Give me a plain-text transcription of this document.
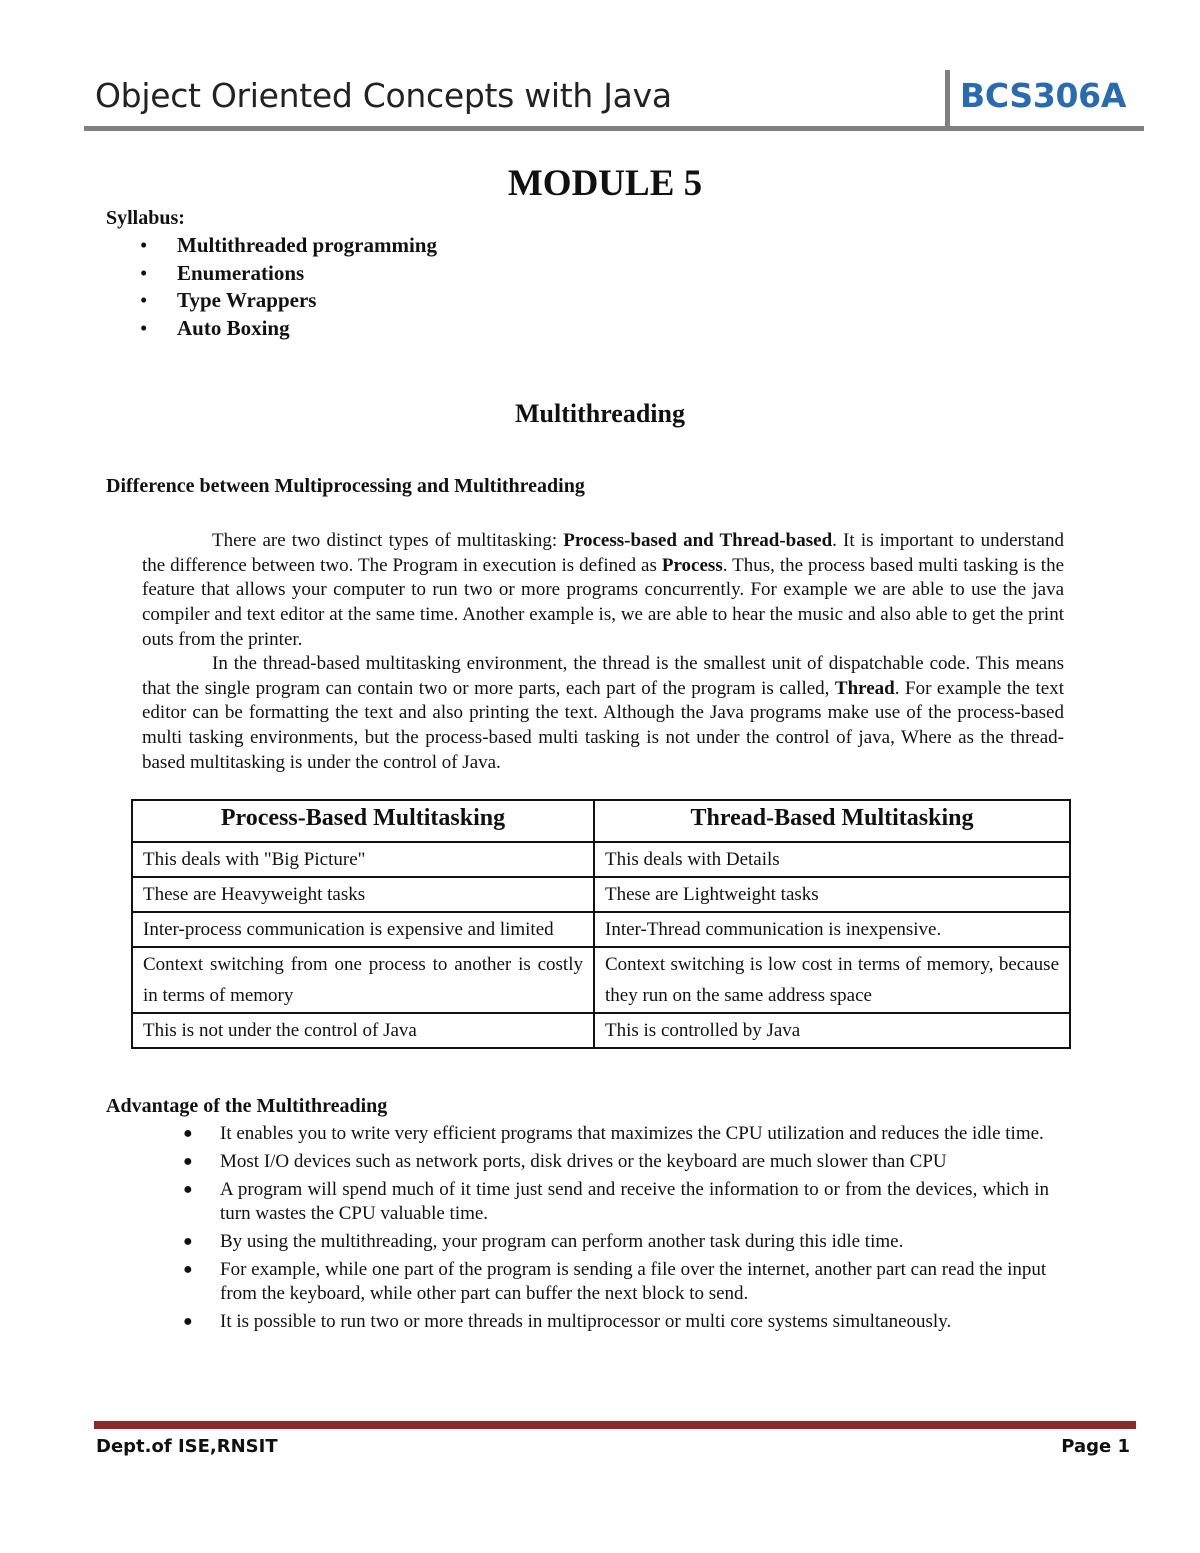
Object Oriented Concepts with Java	BCS306A
MODULE 5
Syllabus:
• Multithreaded programming
• Enumerations
• Type Wrappers
• Auto Boxing
Multithreading
Difference between Multiprocessing and Multithreading

There are two distinct types of multitasking: Process-based and Thread-based. It is important to understand the difference between two. The Program in execution is defined as Process. Thus, the process based multi tasking is the feature that allows your computer to run two or more programs concurrently. For example we are able to use the java compiler and text editor at the same time. Another example is, we are able to hear the music and also able to get the print outs from the printer.

In the thread-based multitasking environment, the thread is the smallest unit of dispatchable code. This means that the single program can contain two or more parts, each part of the program is called, Thread. For example the text editor can be formatting the text and also printing the text. Although the Java programs make use of the process-based multi tasking environments, but the process-based multi tasking is not under the control of java, Where as the thread-based multitasking is under the control of Java.

Process-Based Multitasking	Thread-Based Multitasking
This deals with "Big Picture"	This deals with Details
These are Heavyweight tasks	These are Lightweight tasks
Inter-process communication is expensive and limited	Inter-Thread communication is inexpensive.
Context switching from one process to another is costly in terms of memory	Context switching is low cost in terms of memory, because they run on the same address space
This is not under the control of Java	This is controlled by Java
Advantage of the Multithreading
● It enables you to write very efficient programs that maximizes the CPU utilization and reduces the idle time.
● Most I/O devices such as network ports, disk drives or the keyboard are much slower than CPU
● A program will spend much of it time just send and receive the information to or from the devices, which in turn wastes the CPU valuable time.
● By using the multithreading, your program can perform another task during this idle time.
● For example, while one part of the program is sending a file over the internet, another part can read the input from the keyboard, while other part can buffer the next block to send.
● It is possible to run two or more threads in multiprocessor or multi core systems simultaneously.
Dept.of ISE,RNSIT	Page 1
